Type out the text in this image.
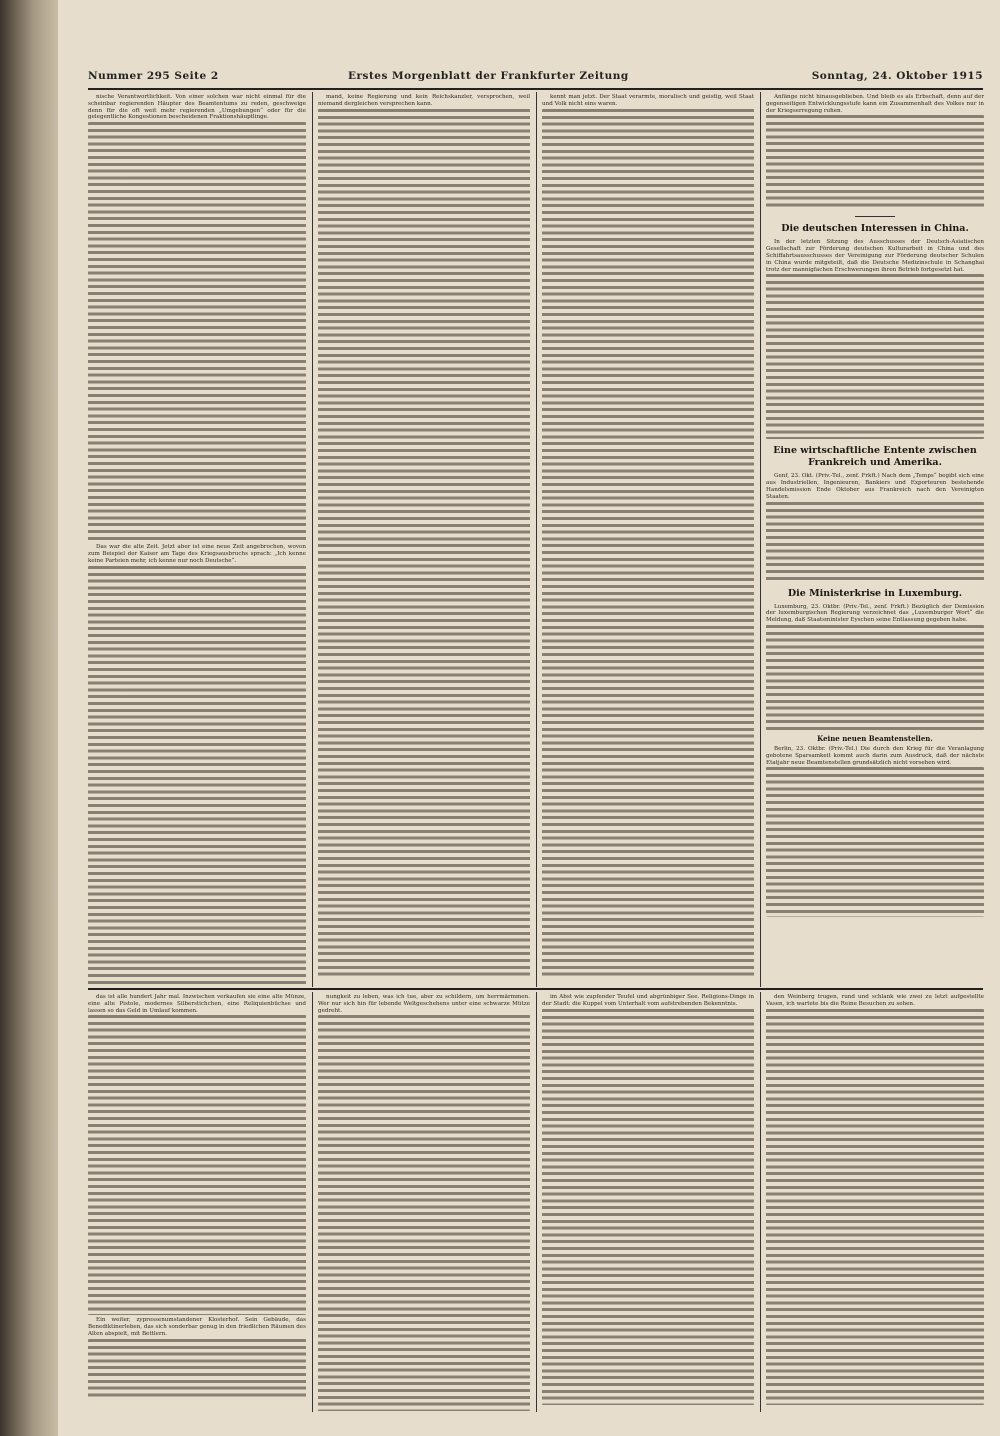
Nummer 295 Seite 2	Erstes Morgenblatt der Frankfurter Zeitung	Sonntag, 24. Oktober 1915

nische Verantwortlichkeit. Von einer solchen war nicht einmal für die scheinbar regierenden Häupter des Beamtentums zu reden, geschweige denn für die oft weit mehr regierenden „Umgebungen“ oder für die gelegentliche Kongestionen bescheidenen Fraktionshäuptlinge.

Das war die alte Zeit. Jetzt aber ist eine neue Zeit angebrochen, wovon zum Beispiel der Kaiser am Tage des Kriegsausbruchs sprach: „Ich kenne keine Parteien mehr, ich kenne nur noch Deutsche“.

mand, keine Regierung und kein Reichskanzler, versprochen, weil niemand dergleichen versprechen kann.

kennt man jetzt. Der Staat verarmte, moralisch und geistig, weil Staat und Volk nicht eins waren.

Anfänge nicht hinausgeblieben. Und bleib es als Erbschaft, denn auf der gegenseitigen Entwicklungsstufe kann ein Zusammenhalt des Volkes nur in der Kriegserregung ruhen.

Die deutschen Interessen in China.

In der letzten Sitzung des Ausschusses der Deutsch-Asiatischen Gesellschaft zur Förderung deutschen Kulturarbeit in China und des Schiffahrtsausschusses der Vereinigung zur Förderung deutscher Schulen in China wurde mitgeteilt, daß die Deutsche Medizinschule in Schanghai trotz der mannigfachen Erschwerungen ihren Betrieb fortgesetzt hat.

Eine wirtschaftliche Entente zwischen Frankreich und Amerika.

Genf, 23. Okt. (Priv.-Tel., zenf. Frkft.) Nach dem „Temps“ begibt sich eine aus Industriellen, Ingenieuren, Bankiers und Exporteuren bestehende Handelsmission Ende Oktober aus Frankreich nach den Vereinigten Staaten.

Die Ministerkrise in Luxemburg.

Luxemburg, 23. Oktbr. (Priv.-Tel., zenf. Frkft.) Bezüglich der Demission der luxemburgischen Regierung verzeichnet das „Luxemburger Wort“ die Meldung, daß Staatsminister Eyschen seine Entlassung gegeben habe.

Keine neuen Beamtenstellen.

Berlin, 23. Oktbr. (Priv.-Tel.) Die durch den Krieg für die Veranlagung gebotene Sparsamkeit kommt auch darin zum Ausdruck, daß der nächste Etatjahr neue Beamtenstellen grundsätzlich nicht vorsehen wird.

das ist alle hundert Jahr mal. Inzwischen verkaufen sie eine alte Münze, eine alte Pistole, modernes Silberstichchen, eine Reliquienbüchse und lassen so das Geld in Umlauf kommen.

Ein weiter, zypressenumstandener Klosterhof. Sein Gebäude, das Benediktinerleben, das sich sonderbar genug in den friedlichen Räumen des Alten abspielt, mit Bettlern.

nungkeit zu leben, was ich tue, aber zu schildern, um herrmärmmen. Wer nur sich hin für lebende Weltgeschehens unter eine schwarze Mütze gedreht.

im Abst wie zupfender Teufel und abgrünbiger See. Religions-Dinge in der Stadt: die Kuppel vom Unterhalt vom aufstrebenden Bekenntnis.

den Weinberg trugen, rund und schlank wie zwei zu letzt aufgestellte Vasen, ich wartete bis die Reine Besuchen zu sehen.
